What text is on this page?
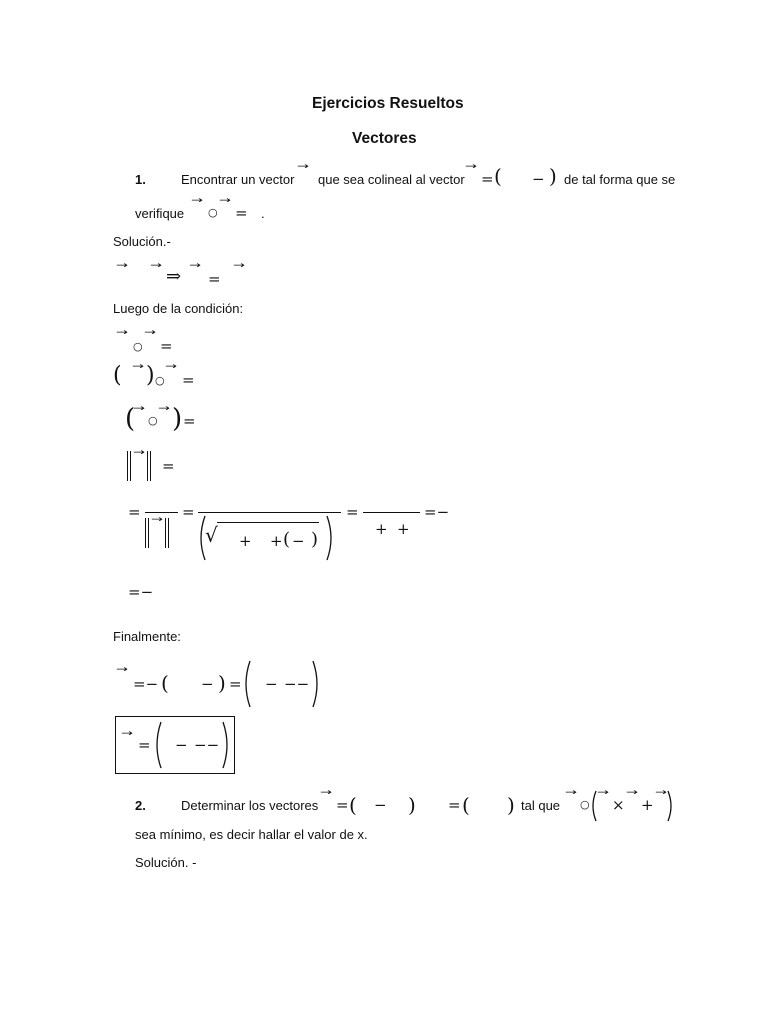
Ejercicios Resueltos
Vectores
1.	Encontrar un vector
→
que sea colineal al vector
→
= ( − ) de tal forma que se
verifique
→
○
→
= .
Solución.-
→ → ⇒ →
=
→
Luego de la condición:
→
○
→
=
( → ) ○
→
=
(
→
○
→ ) =
‖ → ‖ =
= ‖ → ‖
=
√ + + ( − )
=
+ +
=−
=−
Finalmente:
→
=− ( − ) = − −−
→
= − −−
2.	Determinar los vectores
→
= ( − ) = ( ) tal que
→
○
→
×
→
+
→
sea mínimo, es decir hallar el valor de x.
Solución. -
